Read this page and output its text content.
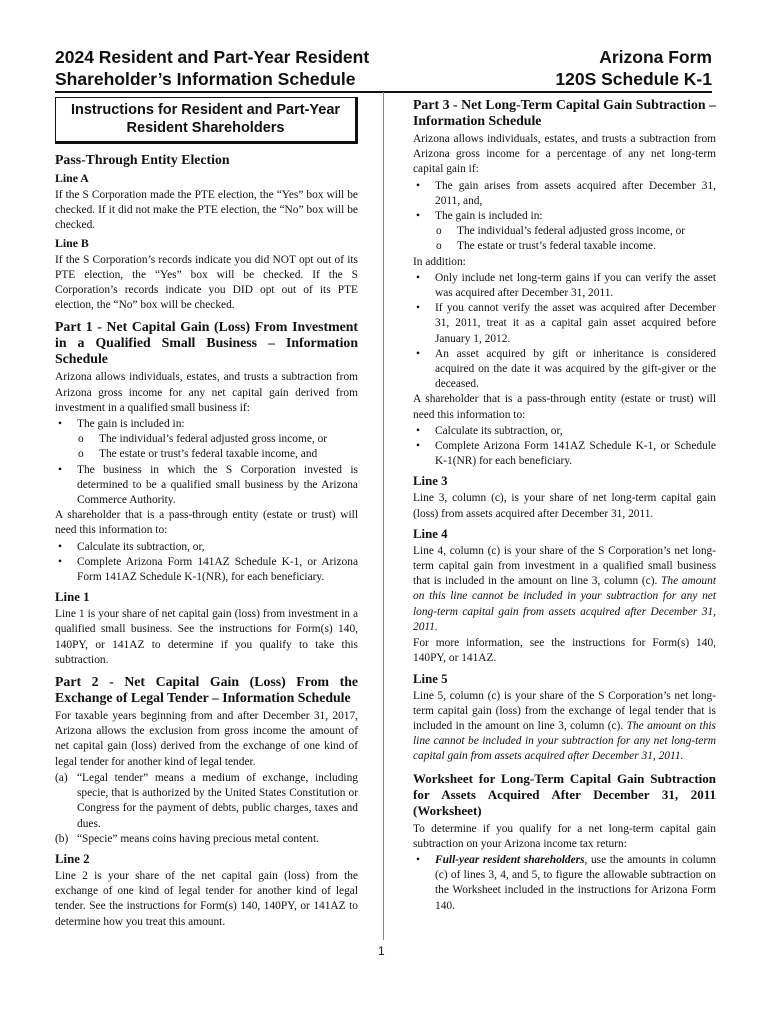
2024 Resident and Part-Year Resident
Shareholder’s Information Schedule
Arizona Form
120S Schedule K-1
Instructions for Resident and Part-Year Resident Shareholders
Pass-Through Entity Election
Line A

If the S Corporation made the PTE election, the “Yes” box will be checked. If it did not make the PTE election, the “No” box will be checked.

Line B

If the S Corporation’s records indicate you did NOT opt out of its PTE election, the “Yes” box will be checked. If the S Corporation’s records indicate you DID opt out of its PTE election, the “No” box will be checked.

Part 1 - Net Capital Gain (Loss) From Investment in a Qualified Small Business – Information Schedule

Arizona allows individuals, estates, and trusts a subtraction from Arizona gross income for any net capital gain derived from investment in a qualified small business if:

• The gain is included in:
o The individual’s federal adjusted gross income, or
o The estate or trust’s federal taxable income, and
• The business in which the S Corporation invested is determined to be a qualified small business by the Arizona Commerce Authority.

A shareholder that is a pass-through entity (estate or trust) will need this information to:

• Calculate its subtraction, or,
• Complete Arizona Form 141AZ Schedule K-1, or Arizona Form 141AZ Schedule K-1(NR), for each beneficiary.
Line 1

Line 1 is your share of net capital gain (loss) from investment in a qualified small business. See the instructions for Form(s) 140, 140PY, or 141AZ to determine if you qualify to take this subtraction.

Part 2 - Net Capital Gain (Loss) From the Exchange of Legal Tender – Information Schedule

For taxable years beginning from and after December 31, 2017, Arizona allows the exclusion from gross income the amount of net capital gain (loss) derived from the exchange of one kind of legal tender for another kind of legal tender.

(a) “Legal tender” means a medium of exchange, including specie, that is authorized by the United States Constitution or Congress for the payment of debts, public charges, taxes and dues.
(b) “Specie” means coins having precious metal content.
Line 2

Line 2 is your share of the net capital gain (loss) from the exchange of one kind of legal tender for another kind of legal tender. See the instructions for Form(s) 140, 140PY, or 141AZ to determine how you treat this amount.

Part 3 - Net Long-Term Capital Gain Subtraction – Information Schedule

Arizona allows individuals, estates, and trusts a subtraction from Arizona gross income for a percentage of any net long-term capital gain if:

• The gain arises from assets acquired after December 31, 2011, and,
• The gain is included in:
o The individual’s federal adjusted gross income, or
o The estate or trust’s federal taxable income.

In addition:

• Only include net long-term gains if you can verify the asset was acquired after December 31, 2011.
• If you cannot verify the asset was acquired after December 31, 2011, treat it as a capital gain asset acquired before January 1, 2012.
• An asset acquired by gift or inheritance is considered acquired on the date it was acquired by the gift-giver or the deceased.

A shareholder that is a pass-through entity (estate or trust) will need this information to:

• Calculate its subtraction, or,
• Complete Arizona Form 141AZ Schedule K-1, or Schedule K-1(NR) for each beneficiary.
Line 3

Line 3, column (c), is your share of net long-term capital gain (loss) from assets acquired after December 31, 2011.

Line 4

Line 4, column (c) is your share of the S Corporation’s net long-term capital gain from investment in a qualified small business that is included in the amount on line 3, column (c). The amount on this line cannot be included in your subtraction for any net long-term capital gain from assets acquired after December 31, 2011.

For more information, see the instructions for Form(s) 140, 140PY, or 141AZ.

Line 5

Line 5, column (c) is your share of the S Corporation’s net long-term capital gain (loss) from the exchange of legal tender that is included in the amount on line 3, column (c). The amount on this line cannot be included in your subtraction for any net long-term capital gain from assets acquired after December 31, 2011.

Worksheet for Long-Term Capital Gain Subtraction for Assets Acquired After December 31, 2011 (Worksheet)

To determine if you qualify for a net long-term capital gain subtraction on your Arizona income tax return:

• Full-year resident shareholders, use the amounts in column (c) of lines 3, 4, and 5, to figure the allowable subtraction on the Worksheet included in the instructions for Arizona Form 140.
1
